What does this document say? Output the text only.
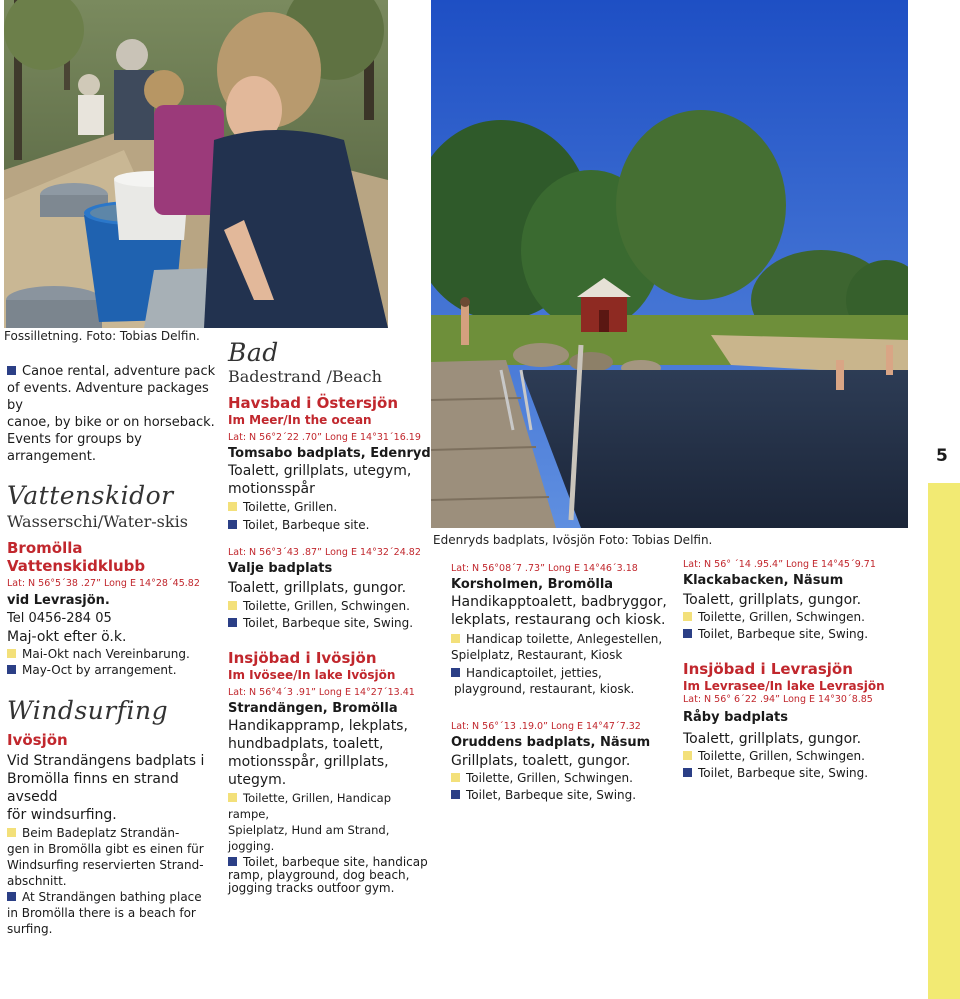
Fossilletning. Foto: Tobias Delfin.
Edenryds badplats, Ivösjön Foto: Tobias Delfin.
5

Canoe rental, adventure pack

of events. Adventure packages by

canoe, by bike or on horseback.

Events for groups by arrangement.

Vattenskidor
Wasserschi/Water-skis
Bromölla Vattenskidklubb
Lat: N 56°5´38 .27” Long E 14°28´45.82
vid Levrasjön.
Tel 0456-284 05
Maj-okt efter ö.k.
Mai-Okt nach Vereinbarung.
May-Oct by arrangement.
Windsurfing
Ivösjön

Vid Strandängens badplats i

Bromölla finns en strand avsedd

för windsurfing.

Beim Badeplatz Strandän-

gen in Bromölla gibt es einen für

Windsurfing reservierten Strand-

abschnitt.

At Strandängen bathing place

in Bromölla there is a beach for

surfing.

Bad
Badestrand /Beach
Havsbad i Östersjön
Im Meer/In the ocean
Lat: N 56°2´22 .70” Long E 14°31´16.19
Tomsabo badplats, Edenryd

Toalett, grillplats, utegym,

motionsspår

Toilette, Grillen.
Toilet, Barbeque site.
Lat: N 56°3´43 .87” Long E 14°32´24.82
Valje badplats
Toalett, grillplats, gungor.
Toilette, Grillen, Schwingen.
Toilet, Barbeque site, Swing.
Insjöbad i Ivösjön
Im Ivösee/In lake Ivösjön
Lat: N 56°4´3 .91” Long E 14°27´13.41
Strandängen, Bromölla

Handikappramp, lekplats,

hundbadplats, toalett,

motionsspår, grillplats, utegym.

Toilette, Grillen, Handicap rampe,

Spielplatz, Hund am Strand, jogging.

Toilet, barbeque site, handicap

ramp, playground, dog beach,

jogging tracks outfoor gym.

Lat: N 56°08´7 .73” Long E 14°46´3.18
Korsholmen, Bromölla

Handikapptoalett, badbryggor,

lekplats, restaurang och kiosk.

Handicap toilette, Anlegestellen,

Spielplatz, Restaurant, Kiosk

Handicaptoilet, jetties,

playground, restaurant, kiosk.

Lat: N 56°´13 .19.0” Long E 14°47´7.32
Oruddens badplats, Näsum
Grillplats, toalett, gungor.
Toilette, Grillen, Schwingen.
Toilet, Barbeque site, Swing.
Lat: N 56° ´14 .95.4” Long E 14°45´9.71
Klackabacken, Näsum
Toalett, grillplats, gungor.
Toilette, Grillen, Schwingen.
Toilet, Barbeque site, Swing.
Insjöbad i Levrasjön
Im Levrasee/In lake Levrasjön
Lat: N 56° 6´22 .94” Long E 14°30´8.85
Råby badplats
Toalett, grillplats, gungor.
Toilette, Grillen, Schwingen.
Toilet, Barbeque site, Swing.
